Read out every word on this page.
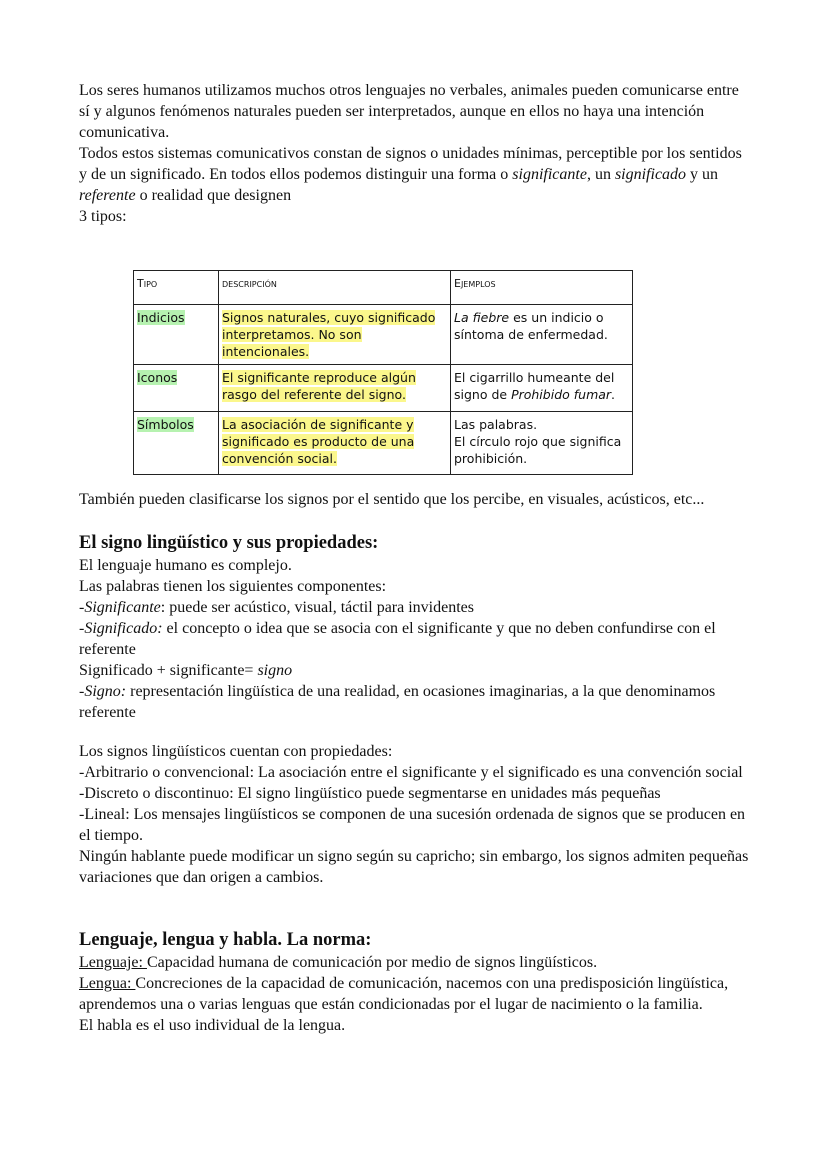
Los seres humanos utilizamos muchos otros lenguajes no verbales, animales pueden comunicarse entre sí y algunos fenómenos naturales pueden ser interpretados, aunque en ellos no haya una intención comunicativa.

Todos estos sistemas comunicativos constan de signos o unidades mínimas, perceptible por los sentidos y de un significado. En todos ellos podemos distinguir una forma o significante, un significado y un referente o realidad que designen

3 tipos:

Tipo	descripción	Ejemplos
Indicios	Signos naturales, cuyo significado interpretamos. No son intencionales.	La fiebre es un indicio o síntoma de enfermedad.
Iconos	El significante reproduce algún rasgo del referente del signo.	El cigarrillo humeante del signo de Prohibido fumar.
Símbolos	La asociación de significante y significado es producto de una convención social.	Las palabras.
El círculo rojo que significa prohibición.

También pueden clasificarse los signos por el sentido que los percibe, en visuales, acústicos, etc...

El signo lingüístico y sus propiedades:

El lenguaje humano es complejo.

Las palabras tienen los siguientes componentes:

-Significante: puede ser acústico, visual, táctil para invidentes

-Significado: el concepto o idea que se asocia con el significante y que no deben confundirse con el referente

Significado + significante= signo

-Signo: representación lingüística de una realidad, en ocasiones imaginarias, a la que denominamos referente

Los signos lingüísticos cuentan con propiedades:

-Arbitrario o convencional: La asociación entre el significante y el significado es una convención social

-Discreto o discontinuo: El signo lingüístico puede segmentarse en unidades más pequeñas

-Lineal: Los mensajes lingüísticos se componen de una sucesión ordenada de signos que se producen en el tiempo.

Ningún hablante puede modificar un signo según su capricho; sin embargo, los signos admiten pequeñas variaciones que dan origen a cambios.

Lenguaje, lengua y habla. La norma:

Lenguaje: Capacidad humana de comunicación por medio de signos lingüísticos.

Lengua: Concreciones de la capacidad de comunicación, nacemos con una predisposición lingüística, aprendemos una o varias lenguas que están condicionadas por el lugar de nacimiento o la familia.

El habla es el uso individual de la lengua.
